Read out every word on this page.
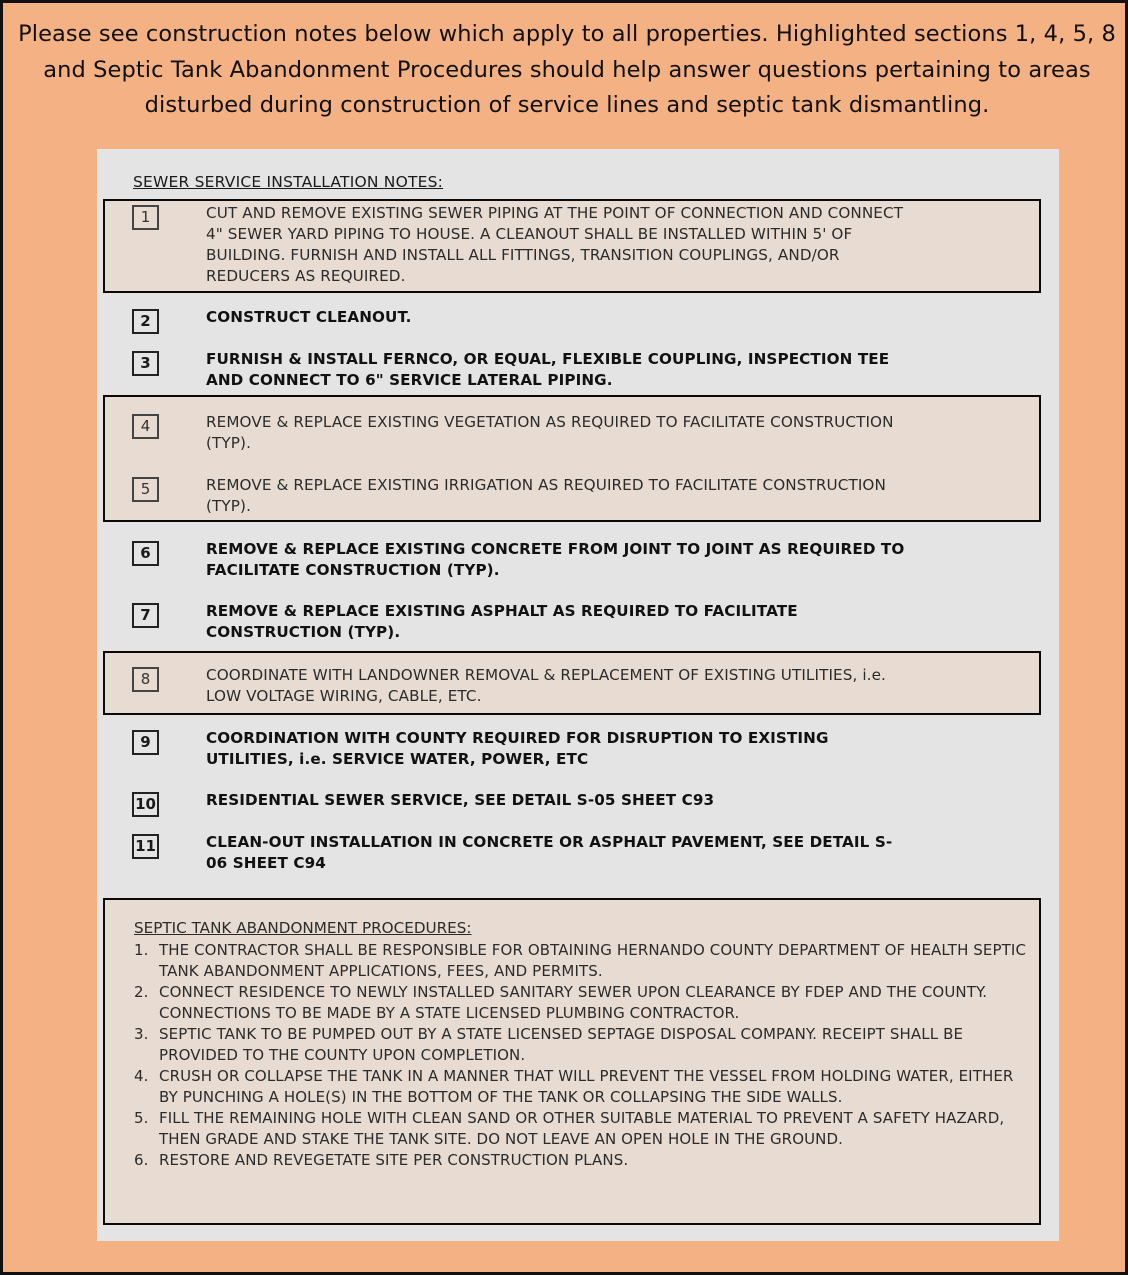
Please see construction notes below which apply to all properties. Highlighted sections 1, 4, 5, 8 and Septic Tank Abandonment Procedures should help answer questions pertaining to areas disturbed during construction of service lines and septic tank dismantling.
SEWER SERVICE INSTALLATION NOTES:
1	CUT AND REMOVE EXISTING SEWER PIPING AT THE POINT OF CONNECTION AND CONNECT 4" SEWER YARD PIPING TO HOUSE. A CLEANOUT SHALL BE INSTALLED WITHIN 5' OF BUILDING. FURNISH AND INSTALL ALL FITTINGS, TRANSITION COUPLINGS, AND/OR REDUCERS AS REQUIRED.
2	CONSTRUCT CLEANOUT.
3	FURNISH & INSTALL FERNCO, OR EQUAL, FLEXIBLE COUPLING, INSPECTION TEE AND CONNECT TO 6" SERVICE LATERAL PIPING.
4	REMOVE & REPLACE EXISTING VEGETATION AS REQUIRED TO FACILITATE CONSTRUCTION (TYP).
5	REMOVE & REPLACE EXISTING IRRIGATION AS REQUIRED TO FACILITATE CONSTRUCTION (TYP).
6	REMOVE & REPLACE EXISTING CONCRETE FROM JOINT TO JOINT AS REQUIRED TO FACILITATE CONSTRUCTION (TYP).
7	REMOVE & REPLACE EXISTING ASPHALT AS REQUIRED TO FACILITATE CONSTRUCTION (TYP).
8	COORDINATE WITH LANDOWNER REMOVAL & REPLACEMENT OF EXISTING UTILITIES, i.e. LOW VOLTAGE WIRING, CABLE, ETC.
9	COORDINATION WITH COUNTY REQUIRED FOR DISRUPTION TO EXISTING UTILITIES, i.e. SERVICE WATER, POWER, ETC
10	RESIDENTIAL SEWER SERVICE, SEE DETAIL S-05 SHEET C93
11	CLEAN-OUT INSTALLATION IN CONCRETE OR ASPHALT PAVEMENT, SEE DETAIL S-06 SHEET C94
SEPTIC TANK ABANDONMENT PROCEDURES:
1. THE CONTRACTOR SHALL BE RESPONSIBLE FOR OBTAINING HERNANDO COUNTY DEPARTMENT OF HEALTH SEPTIC TANK ABANDONMENT APPLICATIONS, FEES, AND PERMITS.
2. CONNECT RESIDENCE TO NEWLY INSTALLED SANITARY SEWER UPON CLEARANCE BY FDEP AND THE COUNTY. CONNECTIONS TO BE MADE BY A STATE LICENSED PLUMBING CONTRACTOR.
3. SEPTIC TANK TO BE PUMPED OUT BY A STATE LICENSED SEPTAGE DISPOSAL COMPANY. RECEIPT SHALL BE PROVIDED TO THE COUNTY UPON COMPLETION.
4. CRUSH OR COLLAPSE THE TANK IN A MANNER THAT WILL PREVENT THE VESSEL FROM HOLDING WATER, EITHER BY PUNCHING A HOLE(S) IN THE BOTTOM OF THE TANK OR COLLAPSING THE SIDE WALLS.
5. FILL THE REMAINING HOLE WITH CLEAN SAND OR OTHER SUITABLE MATERIAL TO PREVENT A SAFETY HAZARD, THEN GRADE AND STAKE THE TANK SITE. DO NOT LEAVE AN OPEN HOLE IN THE GROUND.
6. RESTORE AND REVEGETATE SITE PER CONSTRUCTION PLANS.
